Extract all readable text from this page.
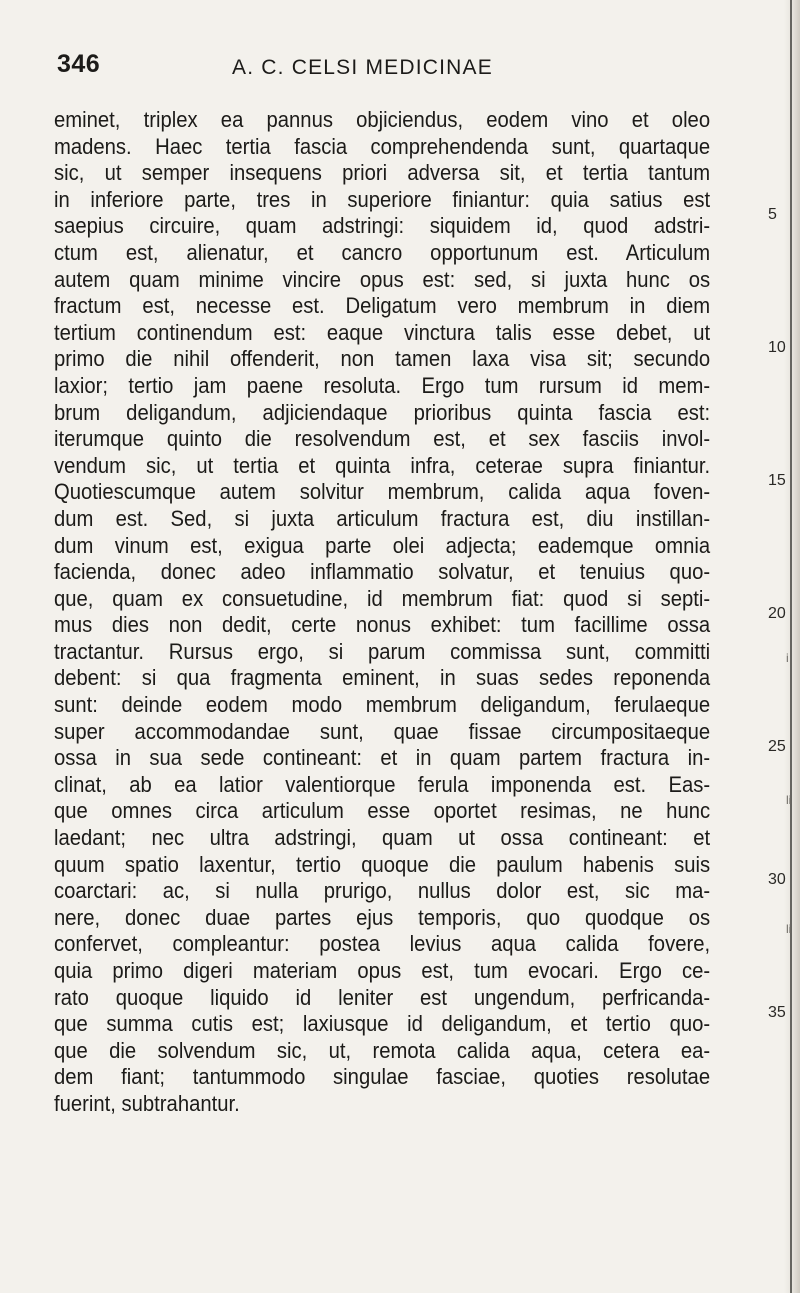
346	A. C. CELSI MEDICINAE
eminet, triplex ea pannus objiciendus, eodem vino et oleo
madens. Haec tertia fascia comprehendenda sunt, quartaque
sic, ut semper insequens priori adversa sit, et tertia tantum
in inferiore parte, tres in superiore finiantur: quia satius est
saepius circuire, quam adstringi: siquidem id, quod adstri-
ctum est, alienatur, et cancro opportunum est. Articulum
autem quam minime vincire opus est: sed, si juxta hunc os
fractum est, necesse est. Deligatum vero membrum in diem
tertium continendum est: eaque vinctura talis esse debet, ut
primo die nihil offenderit, non tamen laxa visa sit; secundo
laxior; tertio jam paene resoluta. Ergo tum rursum id mem-
brum deligandum, adjiciendaque prioribus quinta fascia est:
iterumque quinto die resolvendum est, et sex fasciis invol-
vendum sic, ut tertia et quinta infra, ceterae supra finiantur.
Quotiescumque autem solvitur membrum, calida aqua foven-
dum est. Sed, si juxta articulum fractura est, diu instillan-
dum vinum est, exigua parte olei adjecta; eademque omnia
facienda, donec adeo inflammatio solvatur, et tenuius quo-
que, quam ex consuetudine, id membrum fiat: quod si septi-
mus dies non dedit, certe nonus exhibet: tum facillime ossa
tractantur. Rursus ergo, si parum commissa sunt, committi
debent: si qua fragmenta eminent, in suas sedes reponenda
sunt: deinde eodem modo membrum deligandum, ferulaeque
super accommodandae sunt, quae fissae circumpositaeque
ossa in sua sede contineant: et in quam partem fractura in-
clinat, ab ea latior valentiorque ferula imponenda est. Eas-
que omnes circa articulum esse oportet resimas, ne hunc
laedant; nec ultra adstringi, quam ut ossa contineant: et
quum spatio laxentur, tertio quoque die paulum habenis suis
coarctari: ac, si nulla prurigo, nullus dolor est, sic ma-
nere, donec duae partes ejus temporis, quo quodque os
confervet, compleantur: postea levius aqua calida fovere,
quia primo digeri materiam opus est, tum evocari. Ergo ce-
rato quoque liquido id leniter est ungendum, perfricanda-
que summa cutis est; laxiusque id deligandum, et tertio quo-
que die solvendum sic, ut, remota calida aqua, cetera ea-
dem fiant; tantummodo singulae fasciae, quoties resolutae
fuerint, subtrahantur.
5
10
15
20
25
30
35
i
li
li
